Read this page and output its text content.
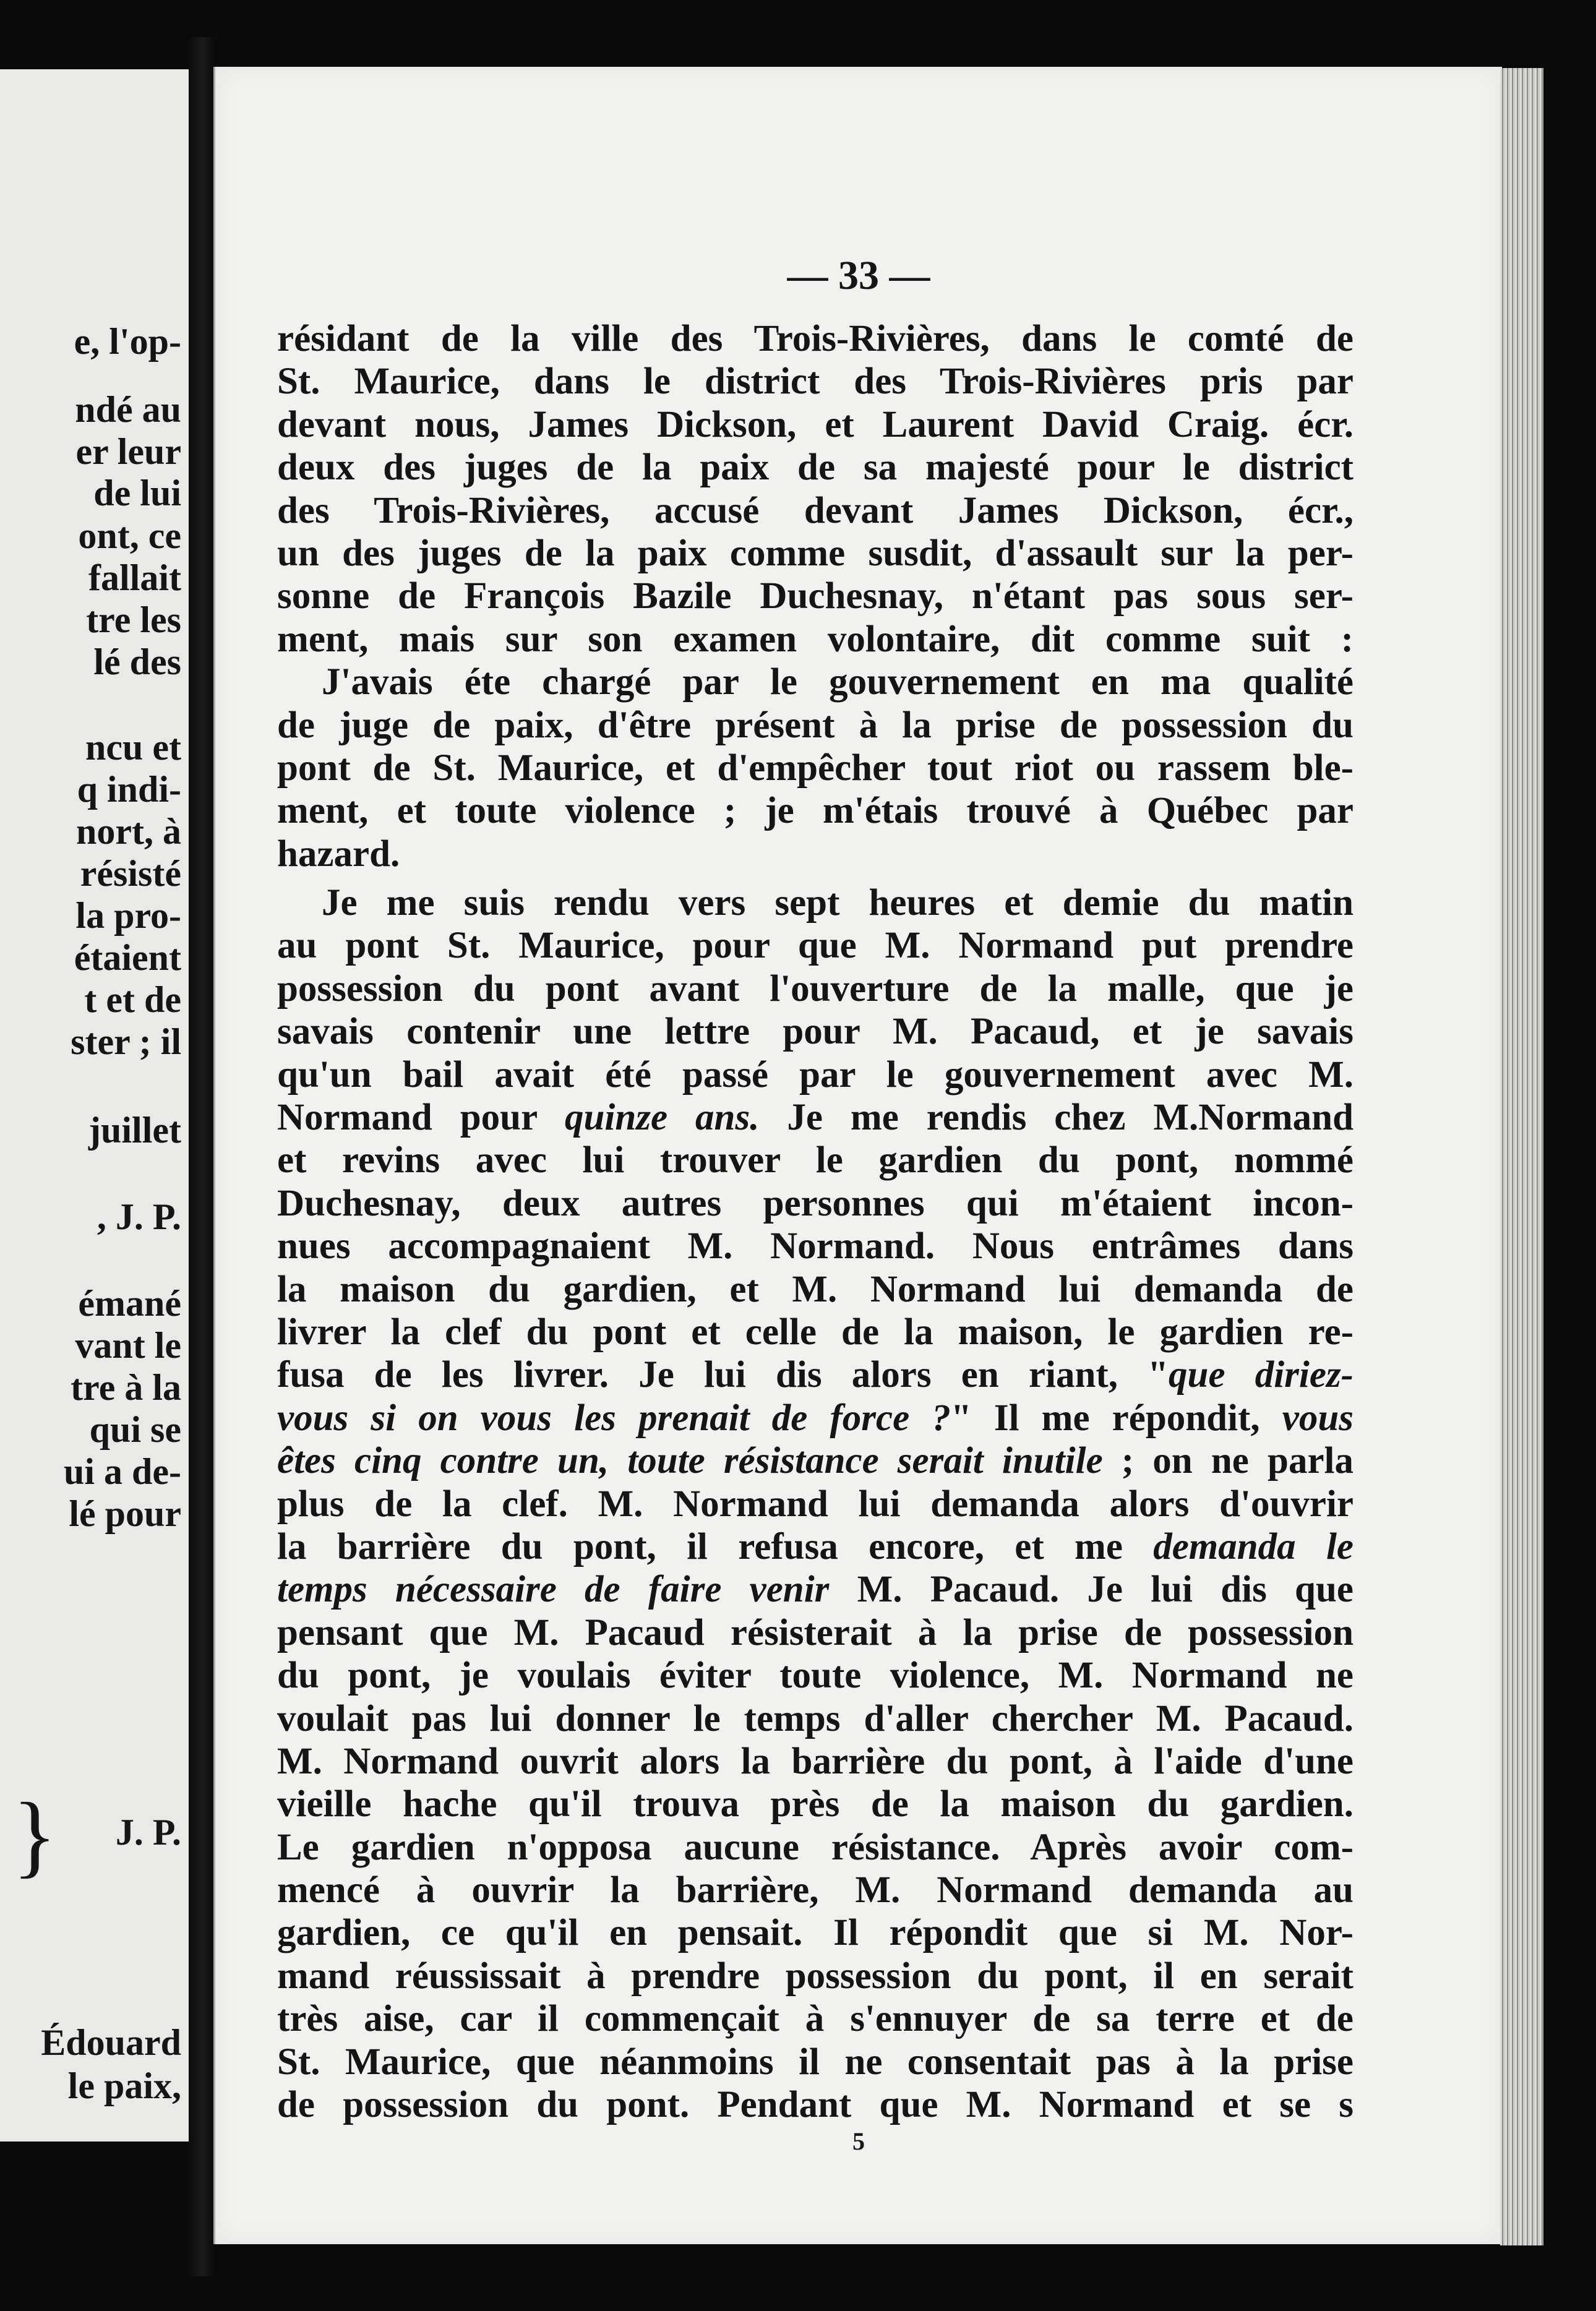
e, l'op-
ndé au
er leur
de lui
ont, ce
fallait
tre les
lé des
ncu et
q indi-
nort, à
résisté
la pro-
étaient
t et de
ster ; il
juillet
, J. P.
émané
vant le
tre à la
qui se
ui a de-
lé pour
} J. P.
Édouard
le paix,
— 33 —
résidant de la ville des Trois-Rivières, dans le comté de
St. Maurice, dans le district des Trois-Rivières pris par
devant nous, James Dickson, et Laurent David Craig. écr.
deux des juges de la paix de sa majesté pour le district
des Trois-Rivières, accusé devant James Dickson, écr.,
un des juges de la paix comme susdit, d'assault sur la per-
sonne de François Bazile Duchesnay, n'étant pas sous ser-
ment, mais sur son examen volontaire, dit comme suit :
J'avais éte chargé par le gouvernement en ma qualité
de juge de paix, d'être présent à la prise de possession du
pont de St. Maurice, et d'empêcher tout riot ou rassem ble-
ment, et toute violence ; je m'étais trouvé à Québec par
hazard.
Je me suis rendu vers sept heures et demie du matin
au pont St. Maurice, pour que M. Normand put prendre
possession du pont avant l'ouverture de la malle, que je
savais contenir une lettre pour M. Pacaud, et je savais
qu'un bail avait été passé par le gouvernement avec M.
Normand pour quinze ans. Je me rendis chez M.Normand
et revins avec lui trouver le gardien du pont, nommé
Duchesnay, deux autres personnes qui m'étaient incon-
nues accompagnaient M. Normand. Nous entrâmes dans
la maison du gardien, et M. Normand lui demanda de
livrer la clef du pont et celle de la maison, le gardien re-
fusa de les livrer. Je lui dis alors en riant, "que diriez-
vous si on vous les prenait de force ?" Il me répondit, vous
êtes cinq contre un, toute résistance serait inutile ; on ne parla
plus de la clef. M. Normand lui demanda alors d'ouvrir
la barrière du pont, il refusa encore, et me demanda le
temps nécessaire de faire venir M. Pacaud. Je lui dis que
pensant que M. Pacaud résisterait à la prise de possession
du pont, je voulais éviter toute violence, M. Normand ne
voulait pas lui donner le temps d'aller chercher M. Pacaud.
M. Normand ouvrit alors la barrière du pont, à l'aide d'une
vieille hache qu'il trouva près de la maison du gardien.
Le gardien n'opposa aucune résistance. Après avoir com-
mencé à ouvrir la barrière, M. Normand demanda au
gardien, ce qu'il en pensait. Il répondit que si M. Nor-
mand réussissait à prendre possession du pont, il en serait
très aise, car il commençait à s'ennuyer de sa terre et de
St. Maurice, que néanmoins il ne consentait pas à la prise
de possession du pont. Pendant que M. Normand et se s
5
